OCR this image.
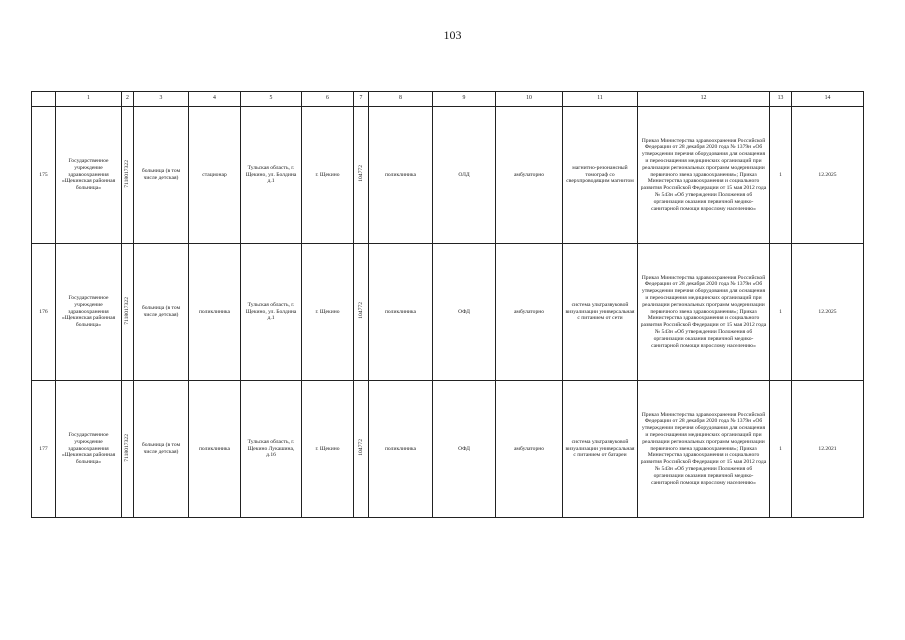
103
	1	2	3	4	5	6	7	8	9	10	11	12	13	14
175	Государственное учреждение здравоохранения «Щекинская районная больница»	7118017322	больница (в том числе детская)	стационар	Тульская область, г. Щекино, ул. Болдина д.1	г. Щекино	104772	поликлиника	ОЛД	амбулаторно	магнитно-резонансный томограф со сверхпроводящим магнитом	Приказ Министерства здравоохранения Российской Федерации от 28 декабря 2020 года № 1379н «Об утверждении перечня оборудования для оснащения и переоснащения медицинских организаций при реализации региональных программ модернизации первичного звена здравоохранения»; Приказ Министерства здравоохранения и социального развития Российской Федерации от 15 мая 2012 года № 543н «Об утверждении Положения об организации оказания первичной медико-санитарной помощи взрослому населению»	1	12.2025
176	Государственное учреждение здравоохранения «Щекинская районная больница»	7118017322	больница (в том числе детская)	поликлиника	Тульская область, г. Щекино, ул. Болдина д.1	г. Щекино	104772	поликлиника	ОФД	амбулаторно	система ультразвуковой визуализации универсальная с питанием от сети	Приказ Министерства здравоохранения Российской Федерации от 28 декабря 2020 года № 1379н «Об утверждении перечня оборудования для оснащения и переоснащения медицинских организаций при реализации региональных программ модернизации первичного звена здравоохранения»; Приказ Министерства здравоохранения и социального развития Российской Федерации от 15 мая 2012 года № 543н «Об утверждении Положения об организации оказания первичной медико-санитарной помощи взрослому населению»	1	12.2025
177	Государственное учреждение здравоохранения «Щекинская районная больница»	7118017322	больница (в том числе детская)	поликлиника	Тульская область, г. Щекино Лукашина, д.16	г. Щекино	104772	поликлиника	ОФД	амбулаторно	система ультразвуковой визуализации универсальная с питанием от батареи	Приказ Министерства здравоохранения Российской Федерации от 28 декабря 2020 года № 1379н «Об утверждении перечня оборудования для оснащения и переоснащения медицинских организаций при реализации региональных программ модернизации первичного звена здравоохранения»; Приказ Министерства здравоохранения и социального развития Российской Федерации от 15 мая 2012 года № 543н «Об утверждении Положения об организации оказания первичной медико-санитарной помощи взрослому населению»	1	12.2021
